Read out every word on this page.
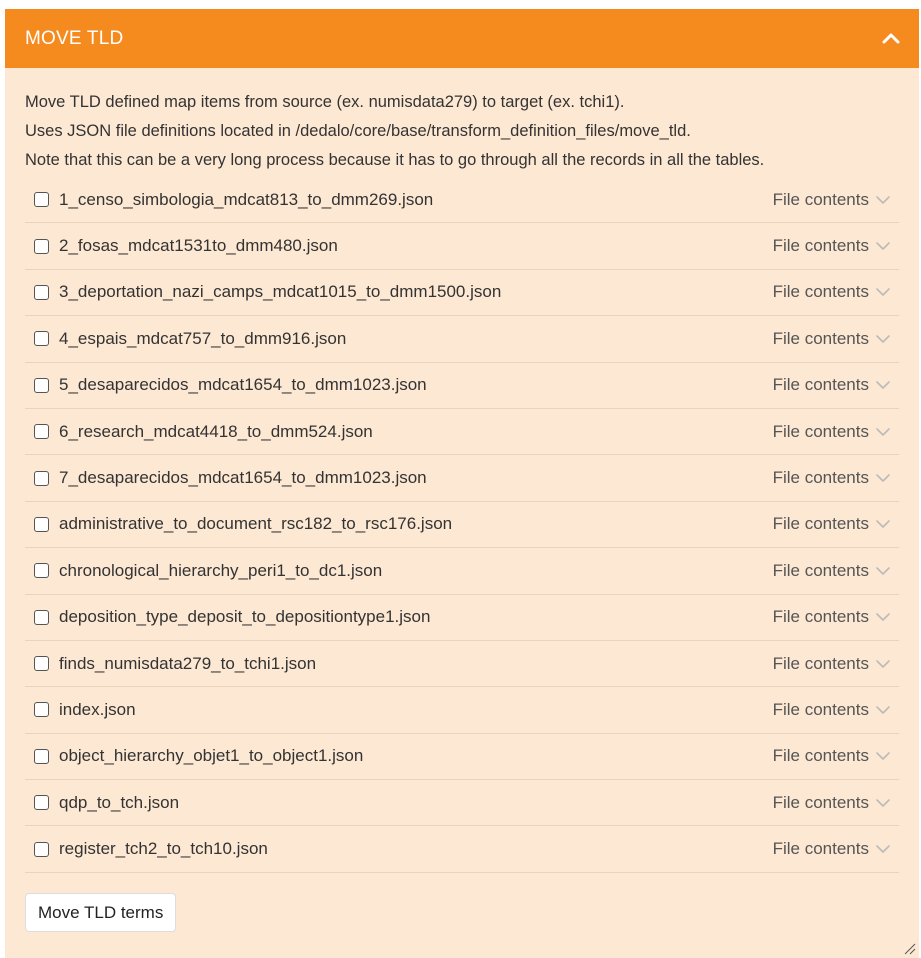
MOVE TLD

Move TLD defined map items from source (ex. numisdata279) to target (ex. tchi1).

Uses JSON file definitions located in /dedalo/core/base/transform_definition_files/move_tld.

Note that this can be a very long process because it has to go through all the records in all the tables.

1_censo_simbologia_mdcat813_to_dmm269.json	File contents
2_fosas_mdcat1531to_dmm480.json	File contents
3_deportation_nazi_camps_mdcat1015_to_dmm1500.json	File contents
4_espais_mdcat757_to_dmm916.json	File contents
5_desaparecidos_mdcat1654_to_dmm1023.json	File contents
6_research_mdcat4418_to_dmm524.json	File contents
7_desaparecidos_mdcat1654_to_dmm1023.json	File contents
administrative_to_document_rsc182_to_rsc176.json	File contents
chronological_hierarchy_peri1_to_dc1.json	File contents
deposition_type_deposit_to_depositiontype1.json	File contents
finds_numisdata279_to_tchi1.json	File contents
index.json	File contents
object_hierarchy_objet1_to_object1.json	File contents
qdp_to_tch.json	File contents
register_tch2_to_tch10.json	File contents
Move TLD terms
